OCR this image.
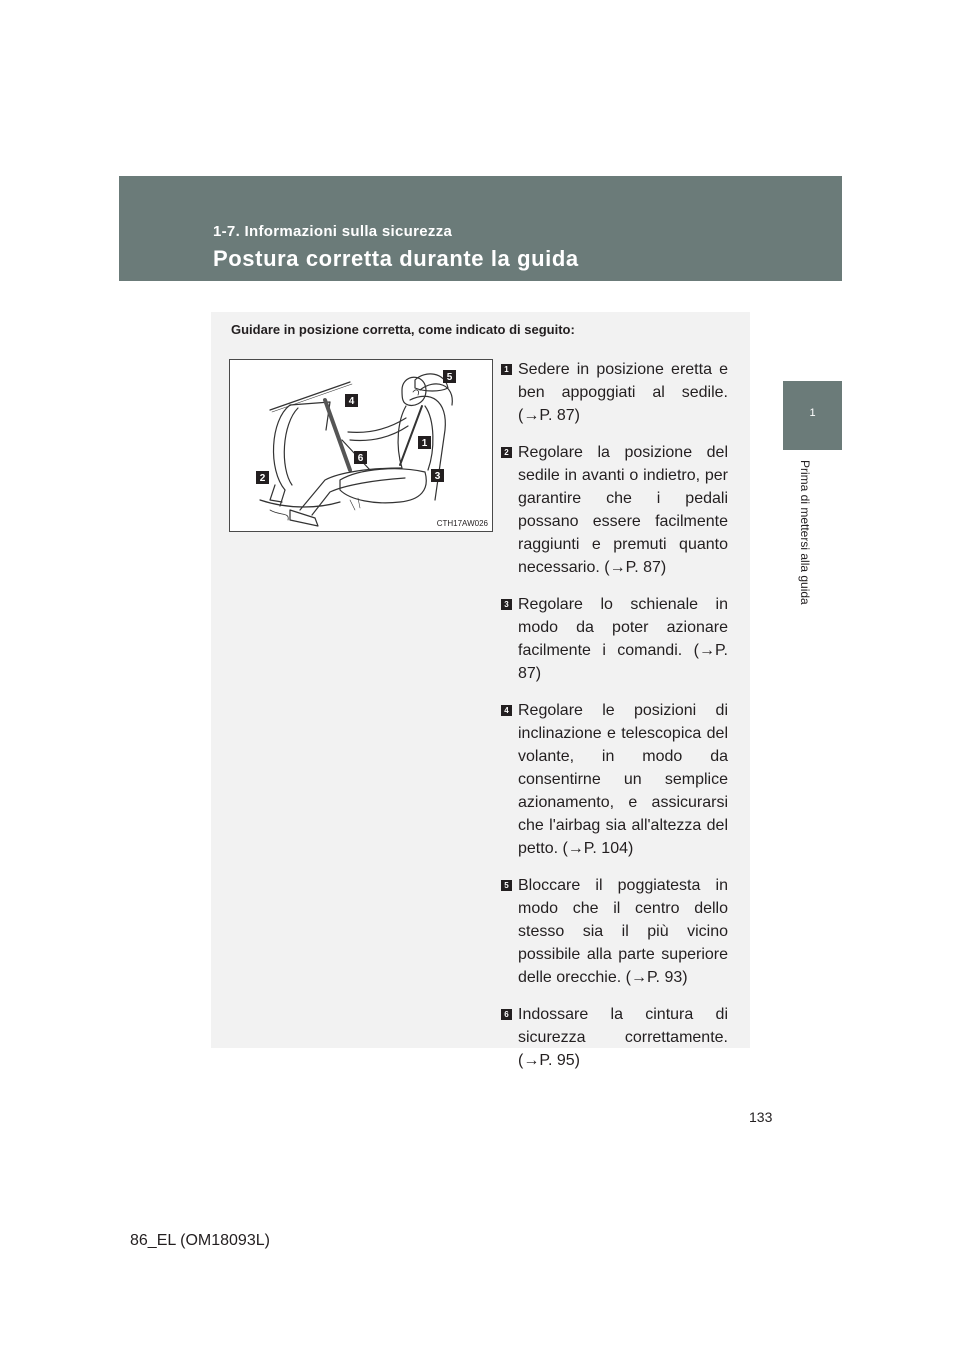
1-7. Informazioni sulla sicurezza
Postura corretta durante la guida
1
Prima di mettersi alla guida
Guidare in posizione corretta, come indicato di seguito:
1
2	3
4
5
6
CTH17AW026
1 Sedere in posizione eretta e ben appoggiati al sedile. (→P. 87)
2 Regolare la posizione del sedile in avanti o indietro, per garantire che i pedali possano essere facilmente raggiunti e premuti quanto necessario. (→P. 87)
3 Regolare lo schienale in modo da poter azionare facilmente i comandi. (→P. 87)
4 Regolare le posizioni di inclinazione e telescopica del volante, in modo da consentirne un semplice azionamento, e assicurarsi che l'airbag sia all'altezza del petto. (→P. 104)
5 Bloccare il poggiatesta in modo che il centro dello stesso sia il più vicino possibile alla parte superiore delle orecchie. (→P. 93)
6 Indossare la cintura di sicurezza correttamente. (→P. 95)
133
86_EL (OM18093L)
